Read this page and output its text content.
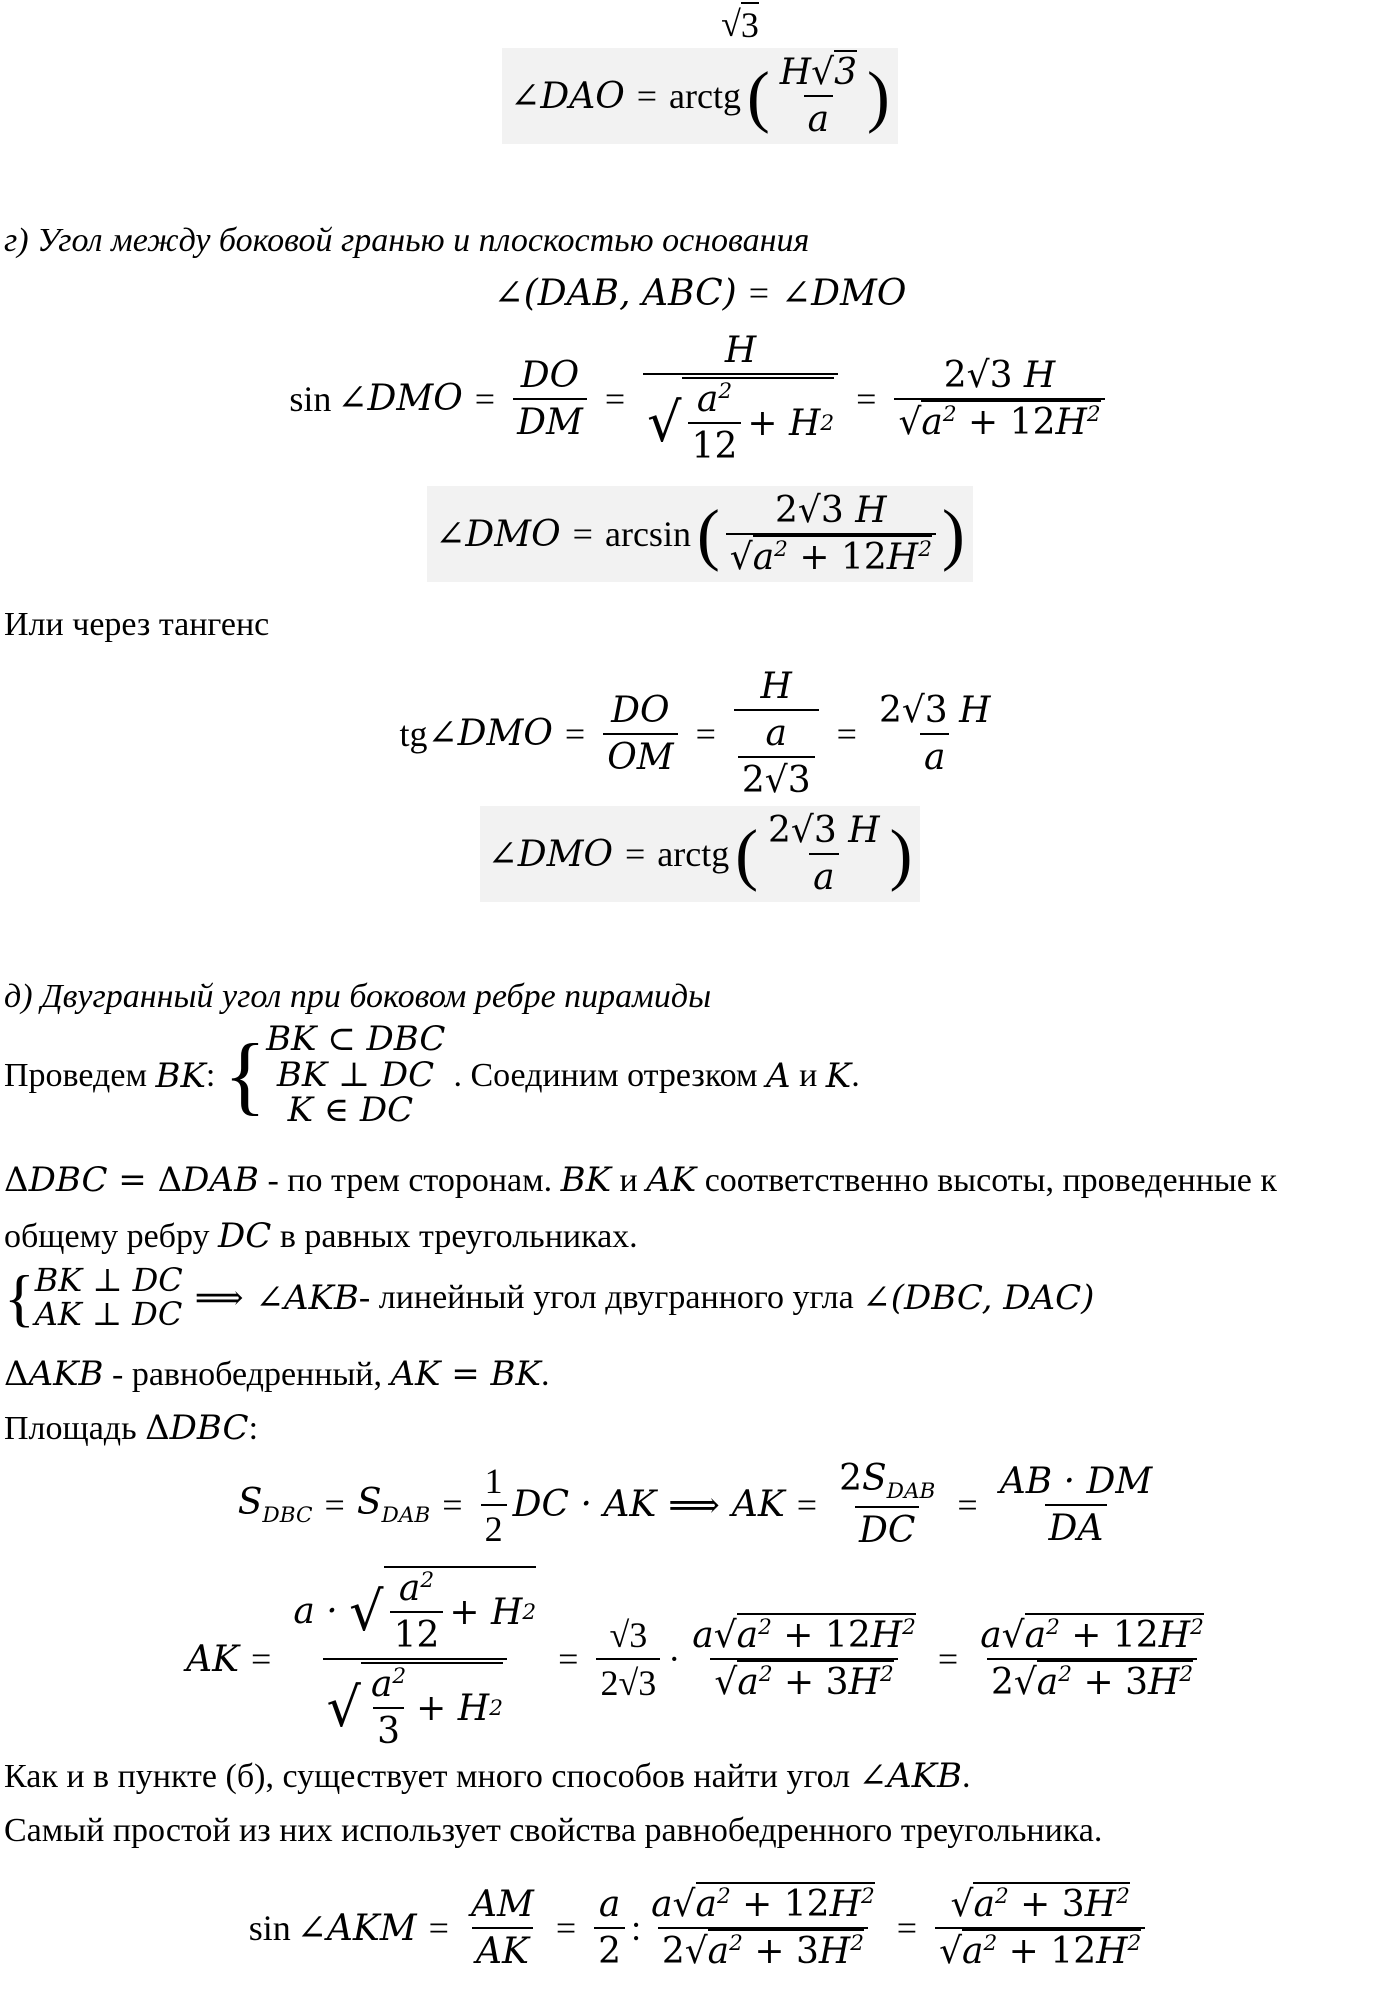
√ 3
∠DAO = arctg ( $\frac{H√3}{a}$ )
г) Угол между боковой гранью и плоскостью основания
∠(DAB, ABC) = ∠DMO
sin ∠DMO = $\frac{DO}{DM} = \frac{H}{√ \frac{a^2}{12} + H 2} = \frac{2√3 H}{√a^2 + 12H^2}$
∠DMO = arcsin ( $\frac{2√3 H}{√a^2 + 12H^2}$ )
Или через тангенс
tg ∠DMO = $\frac{DO}{OM} = \frac{H}{\frac{a}{2√3}} = \frac{2√3 H}{a}$
∠DMO = arctg ( $\frac{2√3 H}{a}$ )
д) Двугранный угол при боковом ребре пирамиды
Проведем
BK : { BK ⊂ DBC
BK ⊥ DC
K ∈ DC
. Соединим отрезком
A
и
K .
ΔDBC = ΔDAB - по трем сторонам. BK и AK соответственно высоты, проведенные к
общему ребру DC в равных треугольниках.
{ BK ⊥ DC
AK ⊥ DC ⟹ ∠AKB - линейный угол двугранного угла
∠(DBC, DAC)
ΔAKB - равнобедренный, AK = BK.
Площадь ΔDBC:
$S_{DBC} = S_{DAB} = \frac{1}{2}$ DC · AK ⟹ AK = $\frac{2S_{DAB}}{DC} = \frac{AB \cdot DM}{DA}$
AK = $\frac{a \cdot √ \frac{a^2}{12} + H 2}{√ \frac{a^2}{3} + H 2} = \frac{√3}{2√3} \cdot \frac{a√a^2 + 12H^2}{√a^2 + 3H^2} = \frac{a√a^2 + 12H^2}{2√a^2 + 3H^2}$
Как и в пункте (б), существует много способов найти угол ∠AKB.
Самый простой из них использует свойства равнобедренного треугольника.
sin ∠AKM = $\frac{AM}{AK} = \frac{a}{2}$ : $\frac{a√a^2 + 12H^2}{2√a^2 + 3H^2} = \frac{√a^2 + 3H^2}{√a^2 + 12H^2}$
